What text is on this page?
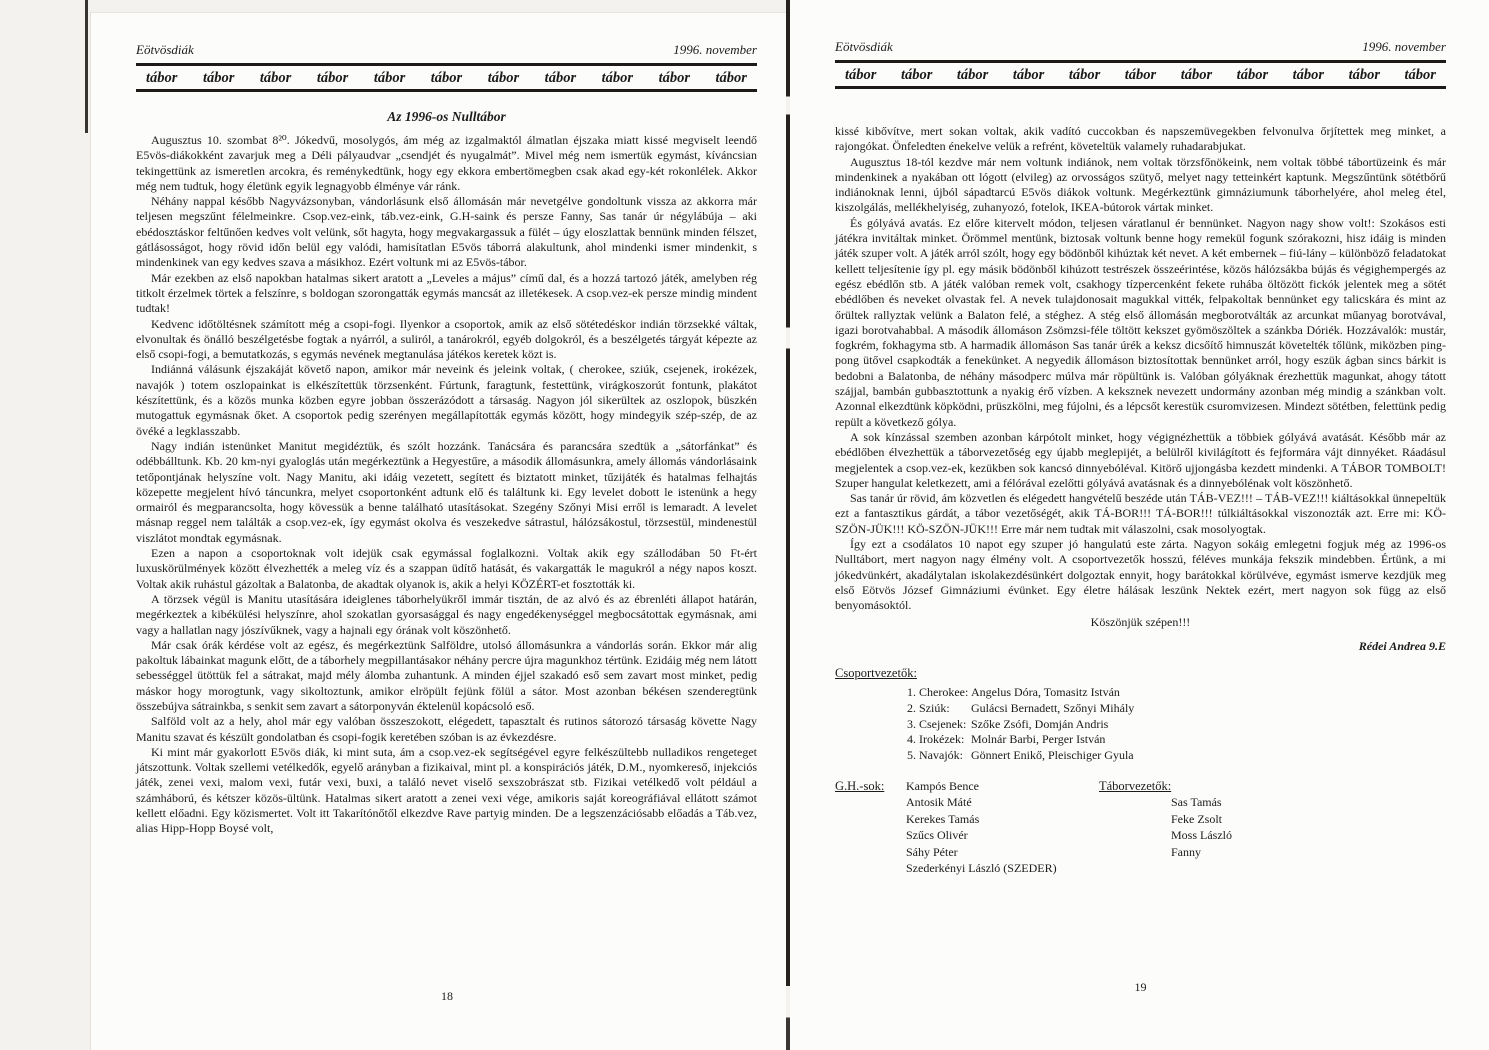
Eötvösdiák	1996. november
tábor tábor tábor tábor tábor tábor tábor tábor tábor tábor tábor
Az 1996-os Nulltábor

Augusztus 10. szombat 8²⁰. Jókedvű, mosolygós, ám még az izgalmaktól álmatlan éjszaka miatt kissé megviselt leendő E5vös-diákokként zavarjuk meg a Déli pályaudvar „csendjét és nyugalmát”. Mivel még nem ismertük egymást, kíváncsian tekingettünk az ismeretlen arcokra, és reménykedtünk, hogy egy ekkora embertömegben csak akad egy-két rokonlélek. Akkor még nem tudtuk, hogy életünk egyik legnagyobb élménye vár ránk.

Néhány nappal később Nagyvázsonyban, vándorlásunk első állomásán már nevetgélve gondoltunk vissza az akkorra már teljesen megszűnt félelmeinkre. Csop.vez-eink, táb.vez-eink, G.H-saink és persze Fanny, Sas tanár úr négylábúja – aki ebédosztáskor feltűnően kedves volt velünk, sőt hagyta, hogy megvakargassuk a fülét – úgy eloszlattak bennünk minden félszet, gátlásosságot, hogy rövid időn belül egy valódi, hamisítatlan E5vös táborrá alakultunk, ahol mindenki ismer mindenkit, s mindenkinek van egy kedves szava a másikhoz. Ezért voltunk mi az E5vös-tábor.

Már ezekben az első napokban hatalmas sikert aratott a „Leveles a május” című dal, és a hozzá tartozó játék, amelyben rég titkolt érzelmek törtek a felszínre, s boldogan szorongatták egymás mancsát az illetékesek. A csop.vez-ek persze mindig mindent tudtak!

Kedvenc időtöltésnek számított még a csopi-fogi. Ilyenkor a csoportok, amik az első sötétedéskor indián törzsekké váltak, elvonultak és önálló beszélgetésbe fogtak a nyárról, a suliról, a tanárokról, egyéb dolgokról, és a beszélgetés tárgyát képezte az első csopi-fogi, a bemutatkozás, s egymás nevének megtanulása játékos keretek közt is.

Indiánná válásunk éjszakáját követő napon, amikor már neveink és jeleink voltak, ( cherokee, sziúk, csejenek, irokézek, navajók ) totem oszlopainkat is elkészítettük törzsenként. Fúrtunk, faragtunk, festettünk, virágkoszorút fontunk, plakátot készítettünk, és a közös munka közben egyre jobban összerázódott a társaság. Nagyon jól sikerültek az oszlopok, büszkén mutogattuk egymásnak őket. A csoportok pedig szerényen megállapították egymás között, hogy mindegyik szép-szép, de az övéké a legklasszabb.

Nagy indián istenünket Manitut megidéztük, és szólt hozzánk. Tanácsára és parancsára szedtük a „sátorfánkat” és odébbálltunk. Kb. 20 km-nyi gyaloglás után megérkeztünk a Hegyestűre, a második állomásunkra, amely állomás vándorlásaink tetőpontjának helyszíne volt. Nagy Manitu, aki idáig vezetett, segített és biztatott minket, tűzijáték és hatalmas felhajtás közepette megjelent hívó táncunkra, melyet csoportonként adtunk elő és találtunk ki. Egy levelet dobott le istenünk a hegy ormairól és megparancsolta, hogy kövessük a benne található utasításokat. Szegény Szőnyi Misi erről is lemaradt. A levelet másnap reggel nem találták a csop.vez-ek, így egymást okolva és veszekedve sátrastul, hálózsákostul, törzsestül, mindenestül viszlátot mondtak egymásnak.

Ezen a napon a csoportoknak volt idejük csak egymással foglalkozni. Voltak akik egy szállodában 50 Ft-ért luxuskörülmények között élvezhették a meleg víz és a szappan üdítő hatását, és vakargatták le magukról a négy napos koszt. Voltak akik ruhástul gázoltak a Balatonba, de akadtak olyanok is, akik a helyi KÖZÉRT-et fosztották ki.

A törzsek végül is Manitu utasítására ideiglenes táborhelyükről immár tisztán, de az alvó és az ébrenléti állapot határán, megérkeztek a kibékülési helyszínre, ahol szokatlan gyorsasággal és nagy engedékenységgel megbocsátottak egymásnak, ami vagy a hallatlan nagy jószívűknek, vagy a hajnali egy órának volt köszönhető.

Már csak órák kérdése volt az egész, és megérkeztünk Salföldre, utolsó állomásunkra a vándorlás során. Ekkor már alig pakoltuk lábainkat magunk előtt, de a táborhely megpillantásakor néhány percre újra magunkhoz tértünk. Ezidáig még nem látott sebességgel ütöttük fel a sátrakat, majd mély álomba zuhantunk. A minden éjjel szakadó eső sem zavart most minket, pedig máskor hogy morogtunk, vagy sikoltoztunk, amikor elröpült fejünk fölül a sátor. Most azonban békésen szenderegtünk összebújva sátrainkba, s senkit sem zavart a sátorponyván éktelenül kopácsoló eső.

Salföld volt az a hely, ahol már egy valóban összeszokott, elégedett, tapasztalt és rutinos sátorozó társaság követte Nagy Manitu szavat és készült gondolatban és csopi-fogik keretében szóban is az évkezdésre.

Ki mint már gyakorlott E5vös diák, ki mint suta, ám a csop.vez-ek segítségével egyre felkészültebb nulladikos rengeteget játszottunk. Voltak szellemi vetélkedők, egyelő arányban a fizikaival, mint pl. a konspirációs játék, D.M., nyomkereső, injekciós játék, zenei vexi, malom vexi, futár vexi, buxi, a találó nevet viselő sexszobrászat stb. Fizikai vetélkedő volt például a számháború, és kétszer közös-ültünk. Hatalmas sikert aratott a zenei vexi vége, amikoris saját koreográfiával ellátott számot kellett előadni. Egy közismertet. Volt itt Takarítónőtől elkezdve Rave partyig minden. De a legszenzációsabb előadás a Táb.vez, alias Hipp-Hopp Boysé volt,

18
Eötvösdiák	1996. november
tábor tábor tábor tábor tábor tábor tábor tábor tábor tábor tábor

kissé kibővítve, mert sokan voltak, akik vadító cuccokban és napszemüvegekben felvonulva őrjítettek meg minket, a rajongókat. Önfeledten énekelve velük a refrént, követeltük valamely ruhadarabjukat.

Augusztus 18-tól kezdve már nem voltunk indiánok, nem voltak törzsfőnökeink, nem voltak többé tábortüzeink és már mindenkinek a nyakában ott lógott (elvileg) az orvosságos szütyő, melyet nagy tetteinkért kaptunk. Megszűntünk sötétbőrű indiánoknak lenni, újból sápadtarcú E5vös diákok voltunk. Megérkeztünk gimnáziumunk táborhelyére, ahol meleg étel, kiszolgálás, mellékhelyiség, zuhanyozó, fotelok, IKEA-bútorok vártak minket.

És gólyává avatás. Ez előre kitervelt módon, teljesen váratlanul ér bennünket. Nagyon nagy show volt!: Szokásos esti játékra invitáltak minket. Örömmel mentünk, biztosak voltunk benne hogy remekül fogunk szórakozni, hisz idáig is minden játék szuper volt. A játék arról szólt, hogy egy bödönből kihúztak két nevet. A két embernek – fiú-lány – különböző feladatokat kellett teljesítenie így pl. egy másik bödönből kihúzott testrészek összeérintése, közös hálózsákba bújás és végighempergés az egész ebédlőn stb. A játék valóban remek volt, csakhogy tízpercenként fekete ruhába öltözött fickók jelentek meg a sötét ebédlőben és neveket olvastak fel. A nevek tulajdonosait magukkal vitték, felpakoltak bennünket egy talicskára és mint az őrültek rallyztak velünk a Balaton felé, a stéghez. A stég első állomásán megborotválták az arcunkat műanyag borotvával, igazi borotvahabbal. A második állomáson Zsömzsi-féle töltött kekszet gyömöszöltek a szánkba Dóriék. Hozzávalók: mustár, fogkrém, fokhagyma stb. A harmadik állomáson Sas tanár úrék a keksz dicsőítő himnuszát követelték tőlünk, miközben ping-pong ütővel csapkodták a fenekünket. A negyedik állomáson biztosítottak bennünket arról, hogy eszük ágban sincs bárkit is bedobni a Balatonba, de néhány másodperc múlva már röpültünk is. Valóban gólyáknak érezhettük magunkat, ahogy tátott szájjal, bambán gubbasztottunk a nyakig érő vízben. A keksznek nevezett undormány azonban még mindig a szánkban volt. Azonnal elkezdtünk köpködni, prüszkölni, meg fújolni, és a lépcsőt kerestük csuromvizesen. Mindezt sötétben, felettünk pedig repült a következő gólya.

A sok kínzással szemben azonban kárpótolt minket, hogy végignézhettük a többiek gólyává avatását. Később már az ebédlőben élvezhettük a táborvezetőség egy újabb meglepijét, a belülről kivilágított és fejformára vájt dinnyéket. Ráadásul megjelentek a csop.vez-ek, kezükben sok kancsó dinnyebóléval. Kitörő ujjongásba kezdett mindenki. A TÁBOR TOMBOLT! Szuper hangulat keletkezett, ami a félórával ezelőtti gólyává avatásnak és a dinnyebólénak volt köszönhető.

Sas tanár úr rövid, ám közvetlen és elégedett hangvételű beszéde után TÁB-VEZ!!! – TÁB-VEZ!!! kiáltásokkal ünnepeltük ezt a fantasztikus gárdát, a tábor vezetőségét, akik TÁ-BOR!!! TÁ-BOR!!! túlkiáltásokkal viszonozták azt. Erre mi: KÖ-SZÖN-JÜK!!! KÖ-SZÖN-JÜK!!! Erre már nem tudtak mit válaszolni, csak mosolyogtak.

Így ezt a csodálatos 10 napot egy szuper jó hangulatú este zárta. Nagyon sokáig emlegetni fogjuk még az 1996-os Nulltábort, mert nagyon nagy élmény volt. A csoportvezetők hosszú, féléves munkája fekszik mindebben. Értünk, a mi jókedvünkért, akadálytalan iskolakezdésünkért dolgoztak ennyit, hogy barátokkal körülvéve, egymást ismerve kezdjük meg első Eötvös József Gimnáziumi évünket. Egy életre hálásak leszünk Nektek ezért, mert nagyon sok függ az első benyomásoktól.

Köszönjük szépen!!!

Rédei Andrea 9.E

Csoportvezetők:
1. Cherokee: Angelus Dóra, Tomasitz István
2. Sziúk:	Gulácsi Bernadett, Szőnyi Mihály
3. Csejenek: Szőke Zsófi, Domján Andris
4. Irokézek: Molnár Barbi, Perger István
5. Navajók: Gönnert Enikő, Pleischiger Gyula
G.H.-sok:	Kampós Bence
Antosik Máté
Kerekes Tamás
Szűcs Olivér
Sáhy Péter
Szederkényi László (SZEDER)
Táborvezetők:
Sas Tamás
Feke Zsolt
Moss László
Fanny
19
